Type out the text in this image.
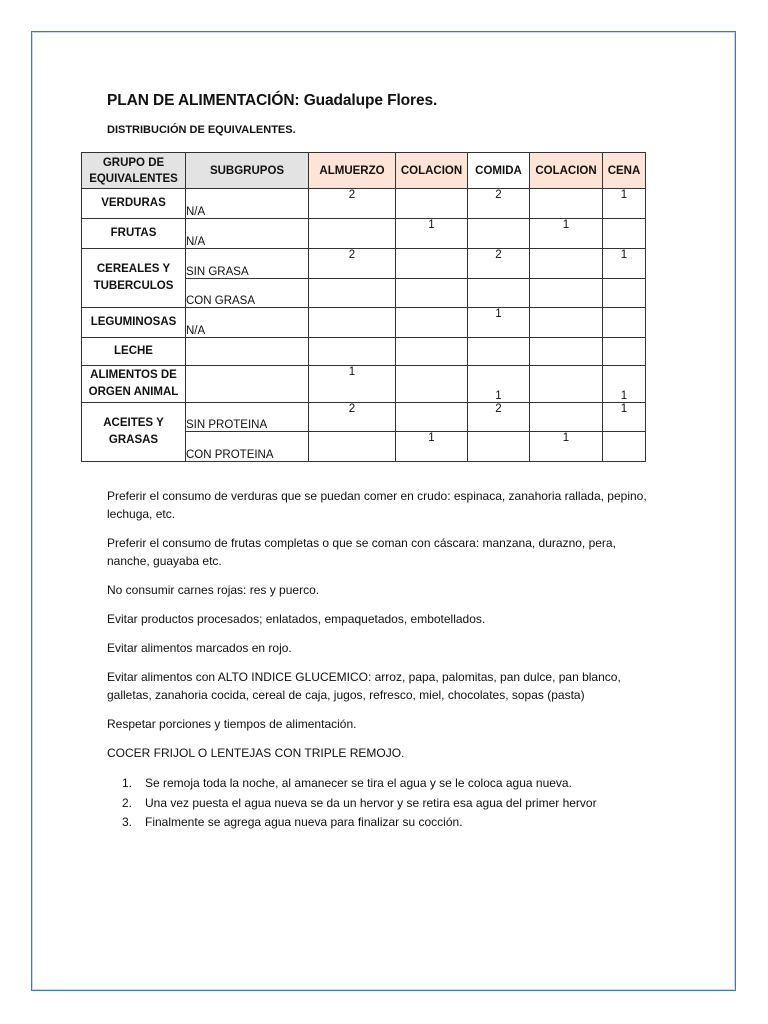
PLAN DE ALIMENTACIÓN: Guadalupe Flores.
DISTRIBUCIÓN DE EQUIVALENTES.
GRUPO DE EQUIVALENTES	SUBGRUPOS	ALMUERZO	COLACION	COMIDA	COLACION	CENA
VERDURAS	N/A	2		2		1
FRUTAS	N/A		1		1	
CEREALES Y TUBERCULOS	SIN GRASA	2		2		1
	CON GRASA					
LEGUMINOSAS	N/A			1		
LECHE						
ALIMENTOS DE ORGEN ANIMAL		1		1		1
ACEITES Y GRASAS	SIN PROTEINA	2		2		1
	CON PROTEINA		1		1	

Preferir el consumo de verduras que se puedan comer en crudo: espinaca, zanahoria rallada, pepino, lechuga, etc.

Preferir el consumo de frutas completas o que se coman con cáscara: manzana, durazno, pera, nanche, guayaba etc.

No consumir carnes rojas: res y puerco.

Evitar productos procesados; enlatados, empaquetados, embotellados.

Evitar alimentos marcados en rojo.

Evitar alimentos con ALTO INDICE GLUCEMICO: arroz, papa, palomitas, pan dulce, pan blanco, galletas, zanahoria cocida, cereal de caja, jugos, refresco, miel, chocolates, sopas (pasta)

Respetar porciones y tiempos de alimentación.

COCER FRIJOL O LENTEJAS CON TRIPLE REMOJO.

1.	Se remoja toda la noche, al amanecer se tira el agua y se le coloca agua nueva.
2.	Una vez puesta el agua nueva se da un hervor y se retira esa agua del primer hervor
3.	Finalmente se agrega agua nueva para finalizar su cocción.
